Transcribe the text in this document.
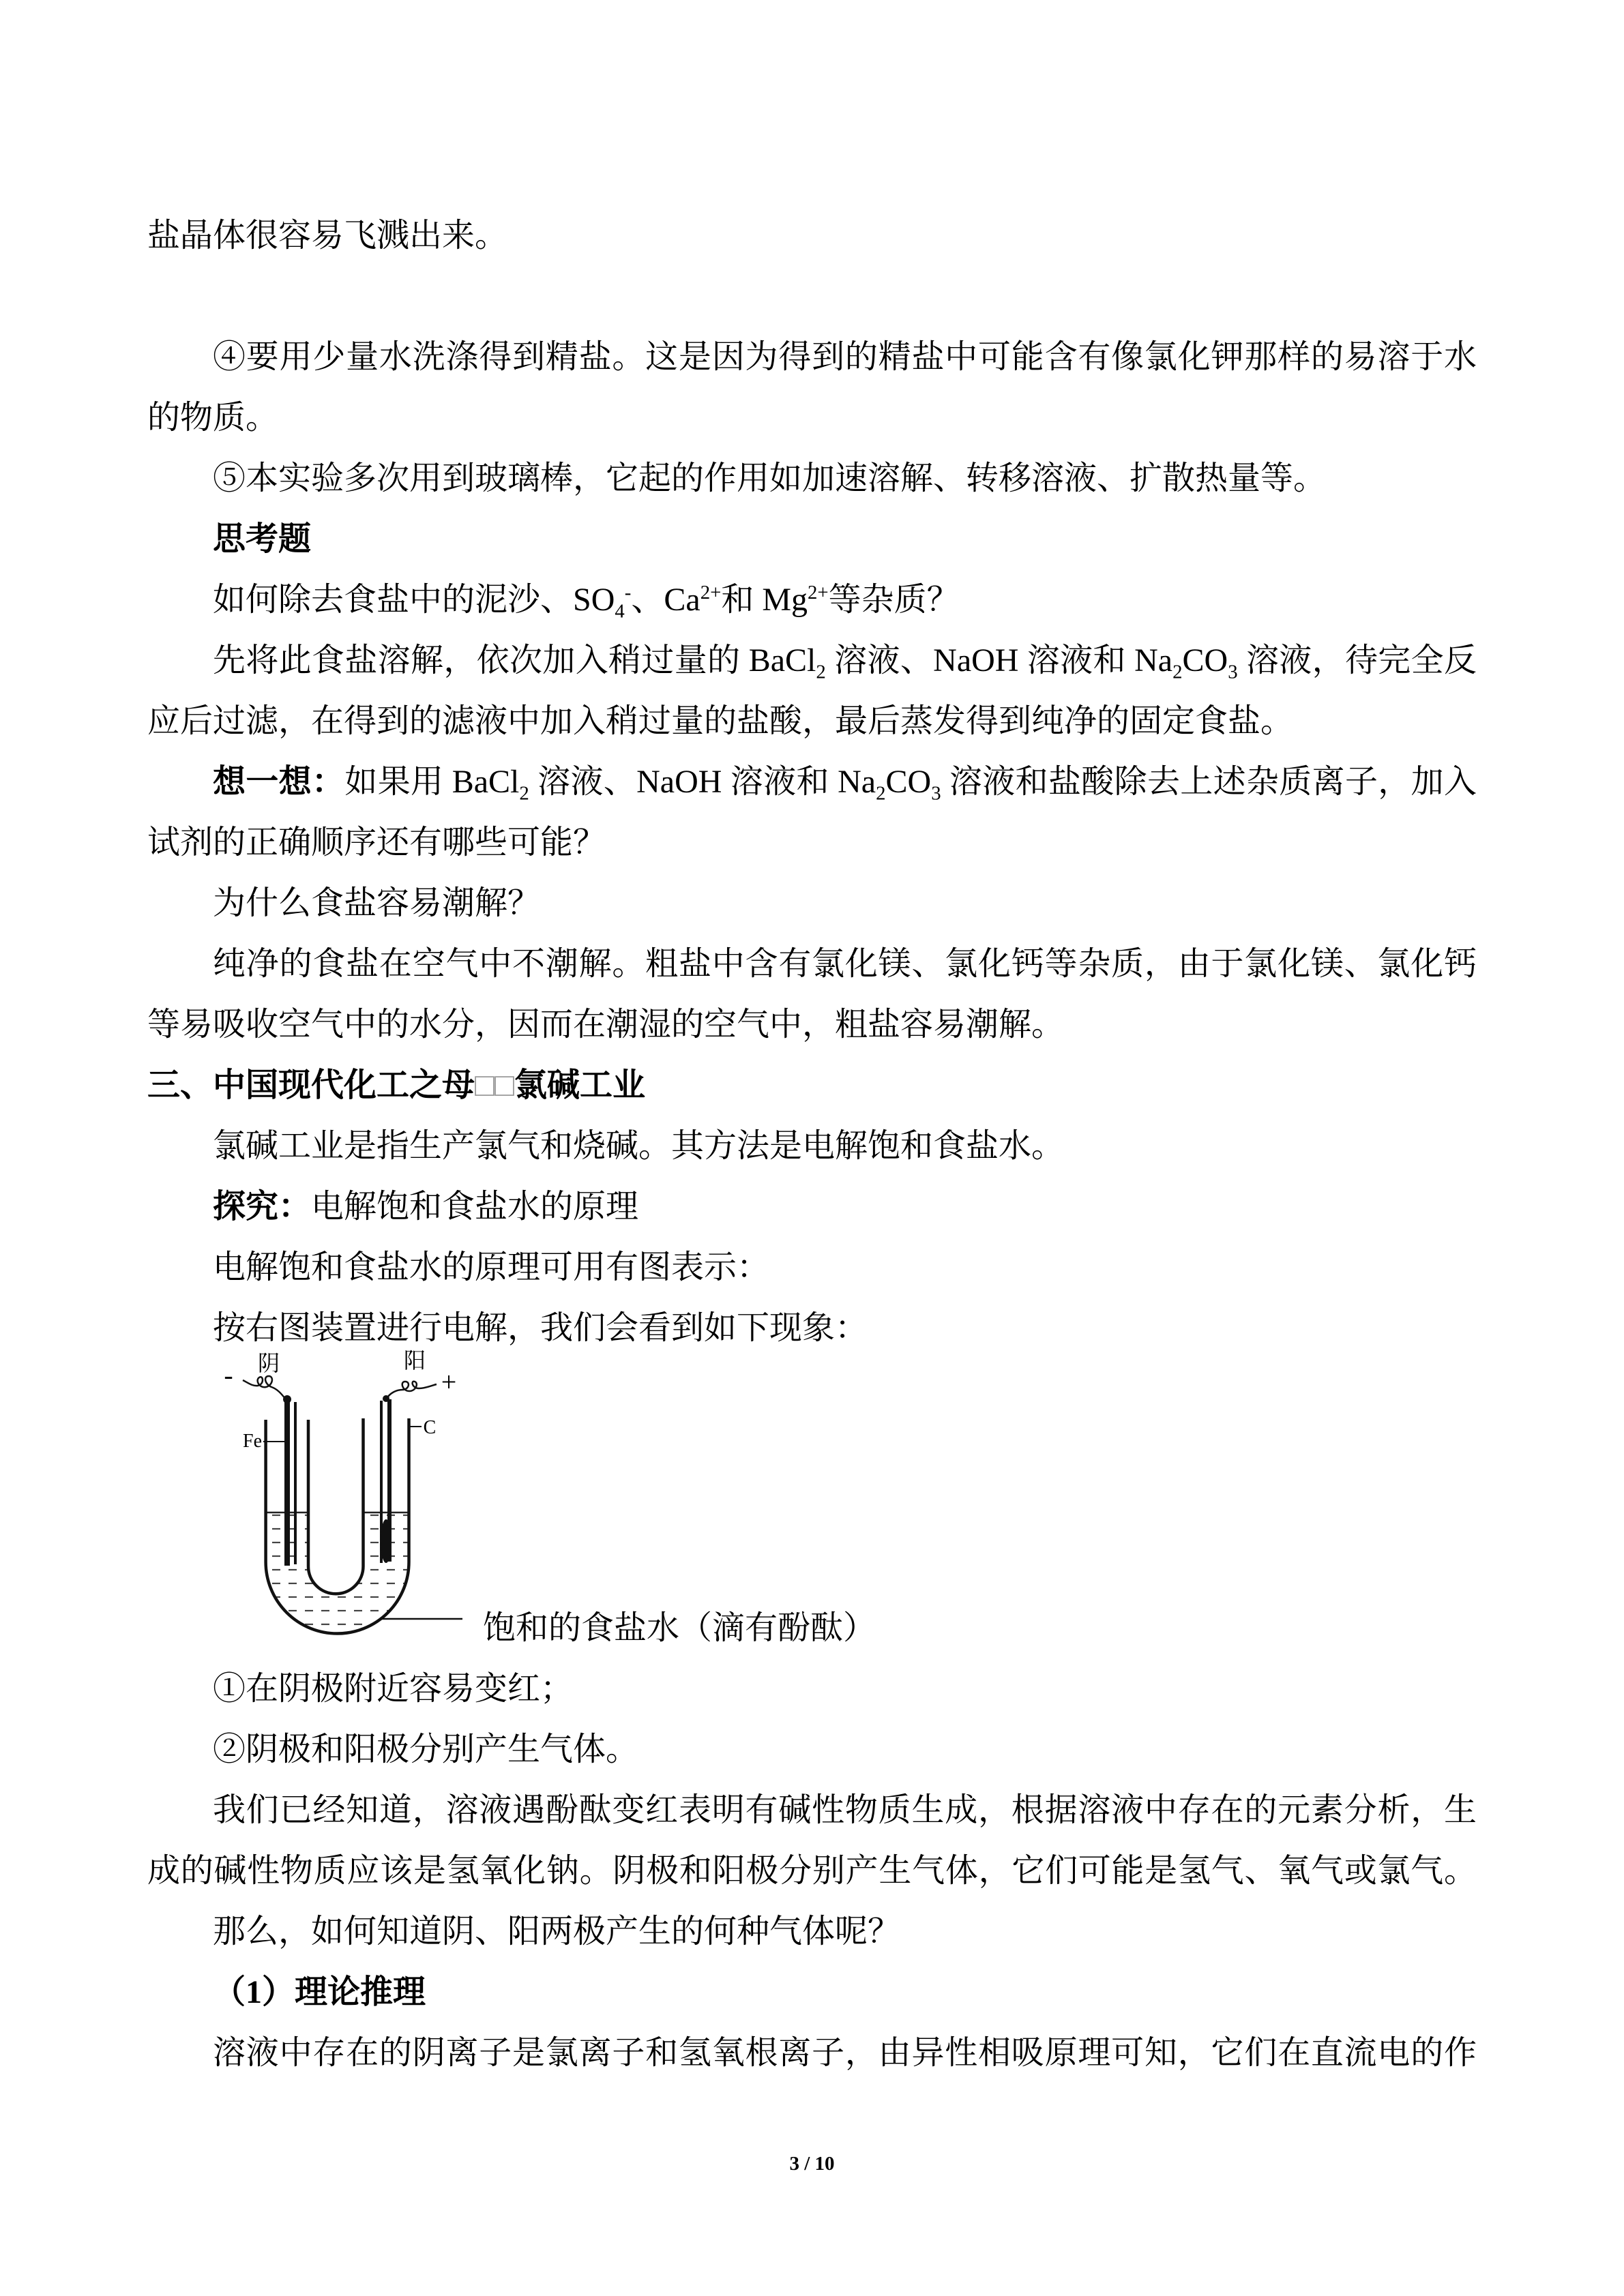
盐晶体很容易飞溅出来。
④要用少量水洗涤得到精盐。这是因为得到的精盐中可能含有像氯化钾那样的易溶于水
的物质。
⑤本实验多次用到玻璃棒，它起的作用如加速溶解、转移溶液、扩散热量等。
思考题
如何除去食盐中的泥沙、$SO_4^-$、$Ca^{2+}$和 $Mg^{2+}$等杂质？
先将此食盐溶解，依次加入稍过量的 BaCl$_2$ 溶液、NaOH 溶液和 $Na_2CO_3$ 溶液，待完全反
应后过滤，在得到的滤液中加入稍过量的盐酸，最后蒸发得到纯净的固定食盐。
想一想：如果用 BaCl$_2$ 溶液、NaOH 溶液和 $Na_2CO_3$ 溶液和盐酸除去上述杂质离子，加入
试剂的正确顺序还有哪些可能？
为什么食盐容易潮解？
纯净的食盐在空气中不潮解。粗盐中含有氯化镁、氯化钙等杂质，由于氯化镁、氯化钙
等易吸收空气中的水分，因而在潮湿的空气中，粗盐容易潮解。
三、中国现代化工之母□□氯碱工业
氯碱工业是指生产氯气和烧碱。其方法是电解饱和食盐水。
探究：电解饱和食盐水的原理
电解饱和食盐水的原理可用有图表示：
按右图装置进行电解，我们会看到如下现象：
阴	阳
-	+
Fe
C
饱和的食盐水（滴有酚酞）
①在阴极附近容易变红；
②阴极和阳极分别产生气体。
我们已经知道，溶液遇酚酞变红表明有碱性物质生成，根据溶液中存在的元素分析，生
成的碱性物质应该是氢氧化钠。阴极和阳极分别产生气体，它们可能是氢气、氧气或氯气。
那么，如何知道阴、阳两极产生的何种气体呢？
（1）理论推理
溶液中存在的阴离子是氯离子和氢氧根离子，由异性相吸原理可知，它们在直流电的作
3 / 10
